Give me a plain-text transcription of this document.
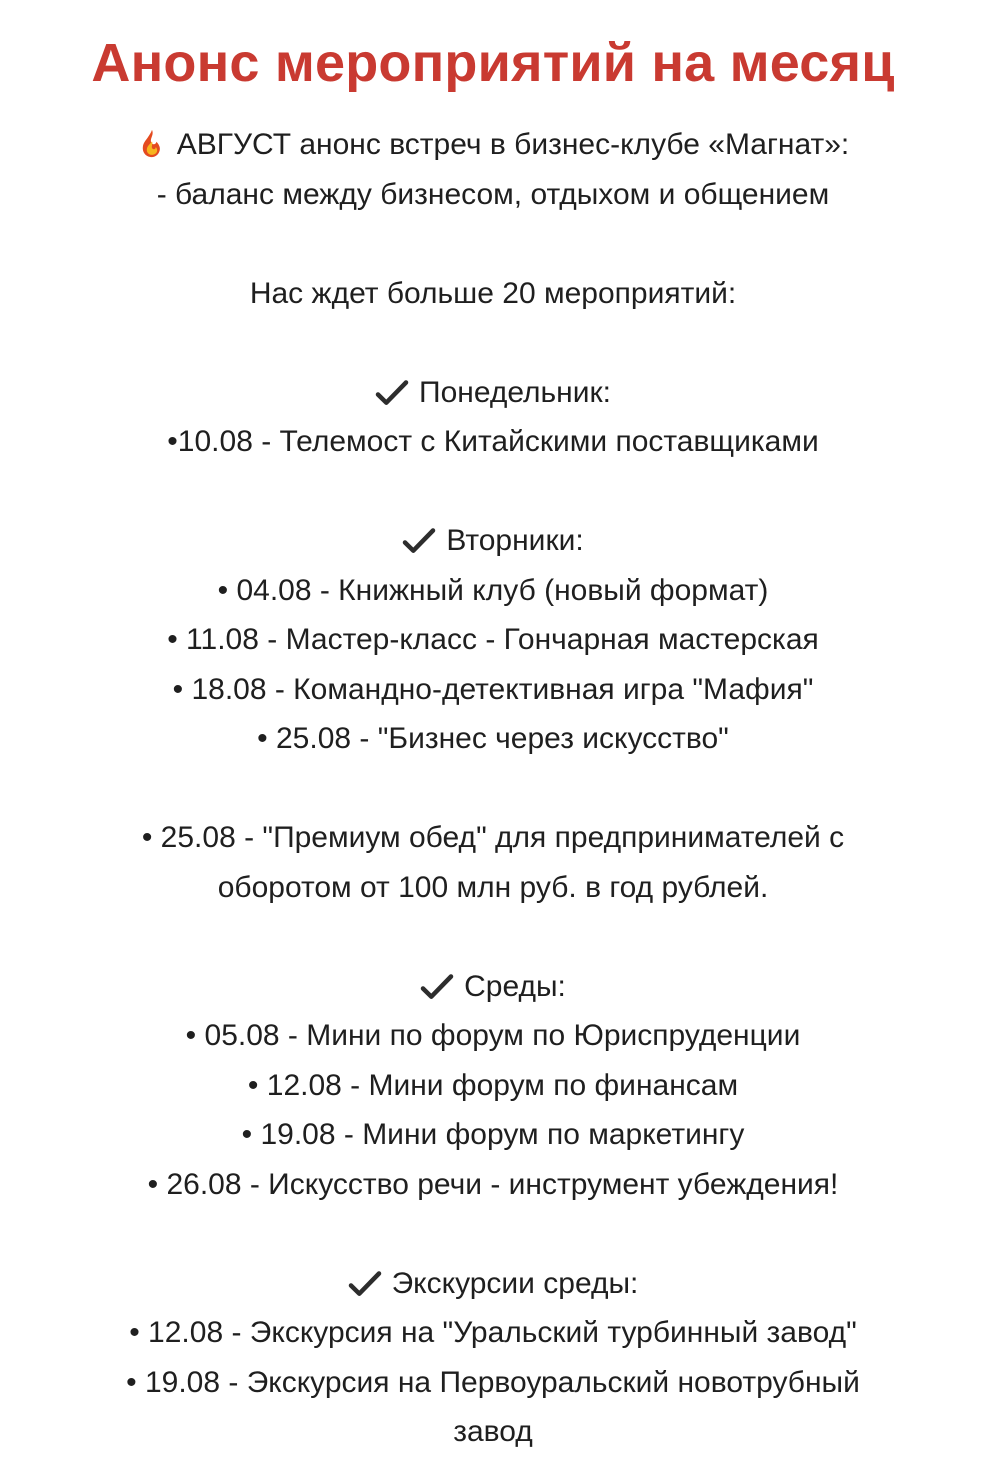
Анонс мероприятий на месяц
АВГУСТ анонс встреч в бизнес-клубе «Магнат»:
- баланс между бизнесом, отдыхом и общением
Нас ждет больше 20 мероприятий:
Понедельник:
•10.08 - Телемост с Китайскими поставщиками
Вторники:
• 04.08 - Книжный клуб (новый формат)
• 11.08 - Мастер-класс - Гончарная мастерская
• 18.08 - Командно-детективная игра "Мафия"
• 25.08 - "Бизнес через искусство"
• 25.08 - "Премиум обед" для предпринимателей с
оборотом от 100 млн руб. в год рублей.
Среды:
• 05.08 - Мини по форум по Юриспруденции
• 12.08 - Мини форум по финансам
• 19.08 - Мини форум по маркетингу
• 26.08 - Искусство речи - инструмент убеждения!
Экскурсии среды:
• 12.08 - Экскурсия на "Уральский турбинный завод"
• 19.08 - Экскурсия на Первоуральский новотрубный
завод
